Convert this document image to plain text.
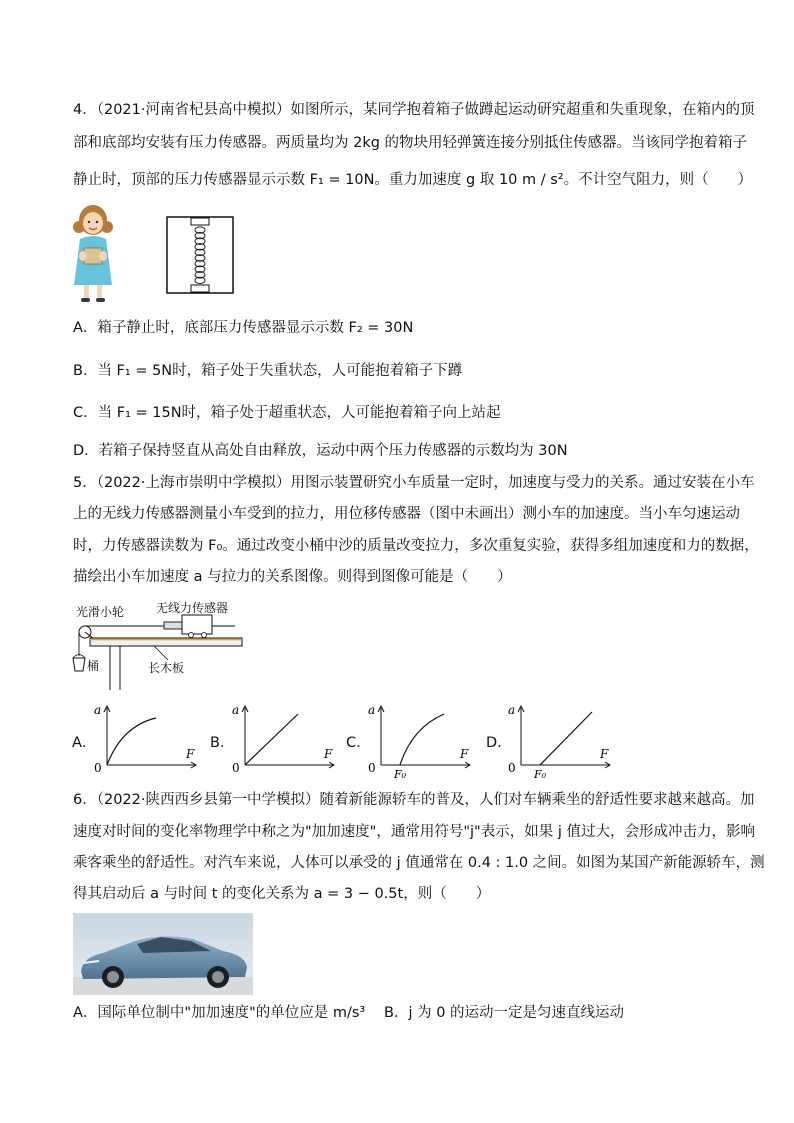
4．（2021·河南省杞县高中模拟）如图所示，某同学抱着箱子做蹲起运动研究超重和失重现象，在箱内的顶
部和底部均安装有压力传感器。两质量均为 2kg 的物块用轻弹簧连接分别抵住传感器。当该同学抱着箱子
静止时，顶部的压力传感器显示示数 F₁ = 10N。重力加速度 g 取 10 m / s²。不计空气阻力，则（　　）
A．箱子静止时，底部压力传感器显示示数 F₂ = 30N
B．当 F₁ = 5N时，箱子处于失重状态，人可能抱着箱子下蹲
C．当 F₁ = 15N时，箱子处于超重状态，人可能抱着箱子向上站起
D．若箱子保持竖直从高处自由释放，运动中两个压力传感器的示数均为 30N
5．（2022·上海市崇明中学模拟）用图示装置研究小车质量一定时，加速度与受力的关系。通过安装在小车
上的无线力传感器测量小车受到的拉力，用位移传感器（图中未画出）测小车的加速度。当小车匀速运动
时，力传感器读数为 F₀。通过改变小桶中沙的质量改变拉力，多次重复实验，获得多组加速度和力的数据，
描绘出小车加速度 a 与拉力的关系图像。则得到图像可能是（　　）
光滑小轮	无线力传感器
长木板
桶
A．
a
F
0
B．
a
F
0
C．
a
F
0 F₀
D．
a
F
0 F₀
6．（2022·陕西西乡县第一中学模拟）随着新能源轿车的普及，人们对车辆乘坐的舒适性要求越来越高。加
速度对时间的变化率物理学中称之为"加加速度"，通常用符号"j"表示，如果 j 值过大，会形成冲击力，影响
乘客乘坐的舒适性。对汽车来说，人体可以承受的 j 值通常在 0.4 : 1.0 之间。如图为某国产新能源轿车，测
得其启动后 a 与时间 t 的变化关系为 a = 3 − 0.5t，则（　　）
A．国际单位制中"加加速度"的单位应是 m/s³ B．j 为 0 的运动一定是匀速直线运动
